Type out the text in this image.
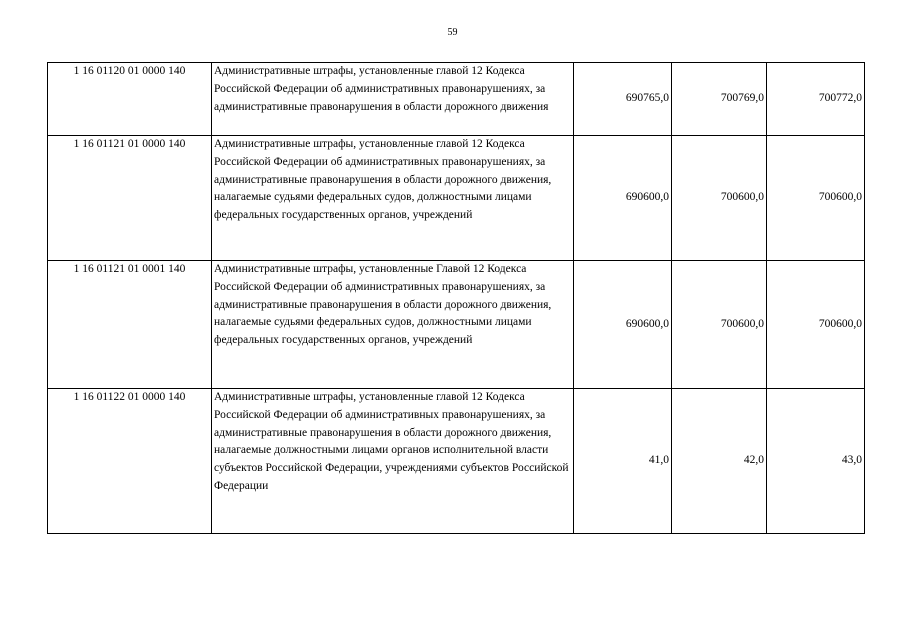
59
1 16 01120 01 0000 140	Административные штрафы, установленные главой 12 Кодекса Российской Федерации об административных правонарушениях, за административные правонарушения в области дорожного движения	690765,0	700769,0	700772,0
1 16 01121 01 0000 140	Административные штрафы, установленные главой 12 Кодекса Российской Федерации об административных правонарушениях, за административные правонарушения в области дорожного движения, налагаемые судьями федеральных судов, должностными лицами федеральных государственных органов, учреждений	690600,0	700600,0	700600,0
1 16 01121 01 0001 140	Административные штрафы, установленные Главой 12 Кодекса Российской Федерации об административных правонарушениях, за административные правонарушения в области дорожного движения, налагаемые судьями федеральных судов, должностными лицами федеральных государственных органов, учреждений	690600,0	700600,0	700600,0
1 16 01122 01 0000 140	Административные штрафы, установленные главой 12 Кодекса Российской Федерации об административных правонарушениях, за административные правонарушения в области дорожного движения, налагаемые должностными лицами органов исполнительной власти субъектов Российской Федерации, учреждениями субъектов Российской Федерации	41,0	42,0	43,0
